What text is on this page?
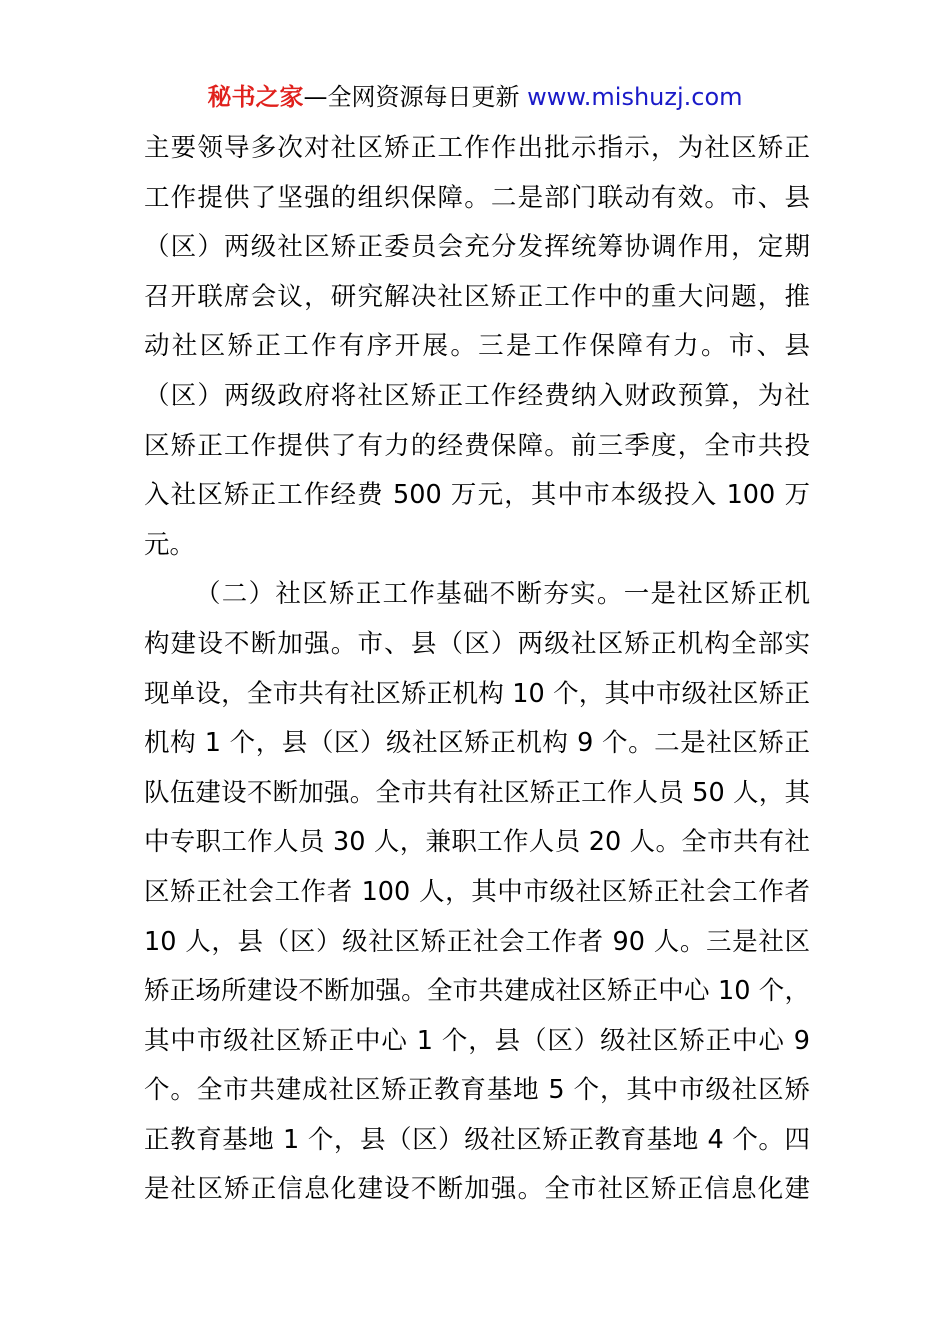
秘书之家—全网资源每日更新 www.mishuzj.com
主要领导多次对社区矫正工作作出批示指示，为社区矫正
工作提供了坚强的组织保障。二是部门联动有效。市、县
（区）两级社区矫正委员会充分发挥统筹协调作用，定期
召开联席会议，研究解决社区矫正工作中的重大问题，推
动社区矫正工作有序开展。三是工作保障有力。市、县
（区）两级政府将社区矫正工作经费纳入财政预算，为社
区矫正工作提供了有力的经费保障。前三季度，全市共投
入社区矫正工作经费 500 万元，其中市本级投入 100 万
元。
（二）社区矫正工作基础不断夯实。一是社区矫正机
构建设不断加强。市、县（区）两级社区矫正机构全部实
现单设，全市共有社区矫正机构 10 个，其中市级社区矫正
机构 1 个，县（区）级社区矫正机构 9 个。二是社区矫正
队伍建设不断加强。全市共有社区矫正工作人员 50 人，其
中专职工作人员 30 人，兼职工作人员 20 人。全市共有社
区矫正社会工作者 100 人，其中市级社区矫正社会工作者
10 人，县（区）级社区矫正社会工作者 90 人。三是社区
矫正场所建设不断加强。全市共建成社区矫正中心 10 个，
其中市级社区矫正中心 1 个，县（区）级社区矫正中心 9
个。全市共建成社区矫正教育基地 5 个，其中市级社区矫
正教育基地 1 个，县（区）级社区矫正教育基地 4 个。四
是社区矫正信息化建设不断加强。全市社区矫正信息化建
